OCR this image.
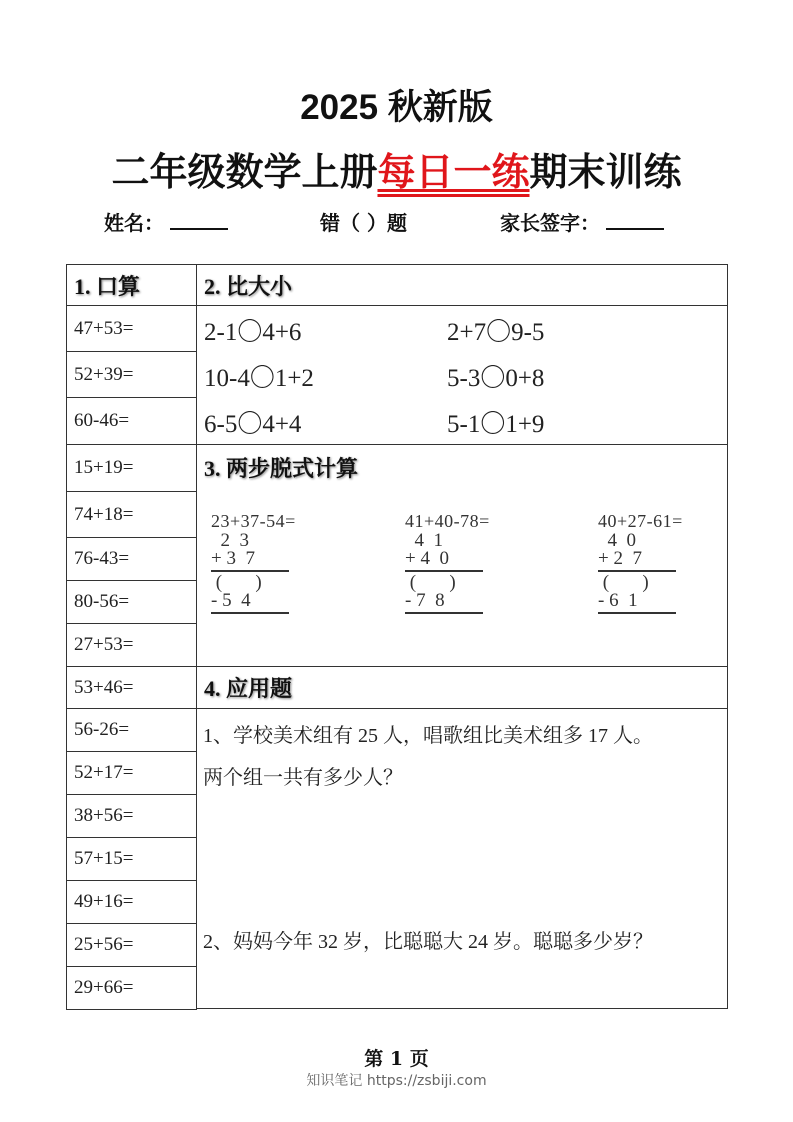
2025 秋新版
二年级数学上册每日一练期末训练
姓名：	错（ ）题	家长签字：
1. 口算
47+53=
52+39=
60-46=
15+19=
74+18=
76-43=
80-56=
27+53=
53+46=
56-26=
52+17=
38+56=
57+15=
49+16=
25+56=
29+66=
2. 比大小
2-1〇4+6	2+7〇9-5
10-4〇1+2	5-3〇0+8
6-5〇4+4	5-1〇1+9
3. 两步脱式计算
23+37-54=
2  3
+ 3  7
(       )
- 5  4
41+40-78=
4  1
+ 4  0
(       )
- 7  8
40+27-61=
4  0
+ 2  7
(       )
- 6  1
4. 应用题
1、学校美术组有 25 人，唱歌组比美术组多 17 人。
两个组一共有多少人？
2、妈妈今年 32 岁，比聪聪大 24 岁。聪聪多少岁？
第 1 页
知识笔记 https://zsbiji.com
